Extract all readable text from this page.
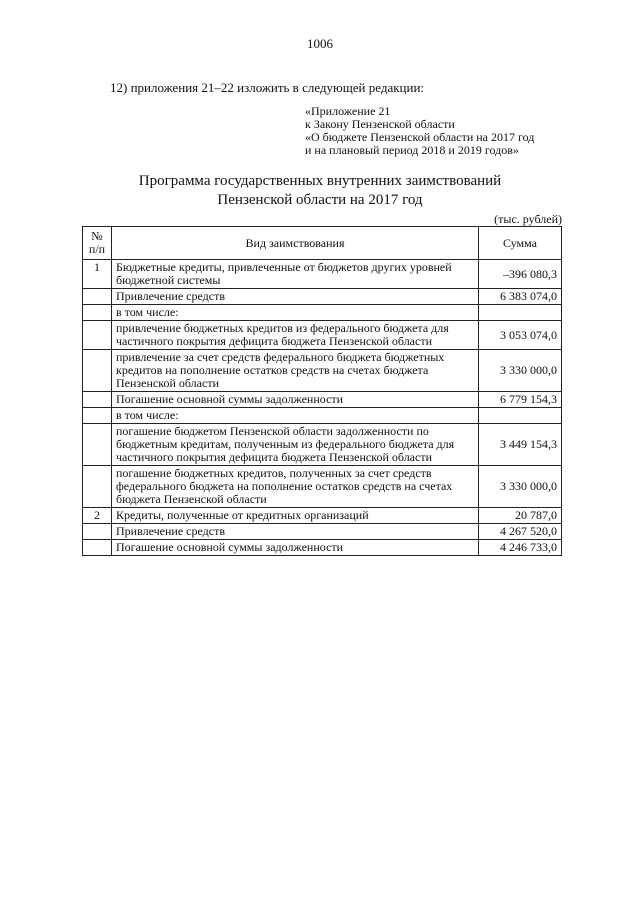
1006
12) приложения 21–22 изложить в следующей редакции:
«Приложение 21
к Закону Пензенской области
«О бюджете Пензенской области на 2017 год
и на плановый период 2018 и 2019 годов»
Программа государственных внутренних заимствований
Пензенской области на 2017 год
(тыс. рублей)
№ п/п	Вид заимствования	Сумма
1	Бюджетные кредиты, привлеченные от бюджетов других уровней бюджетной системы	–396 080,3
	Привлечение средств	6 383 074,0
	в том числе:	
	привлечение бюджетных кредитов из федерального бюджета для частичного покрытия дефицита бюджета Пензенской области	3 053 074,0
	привлечение за счет средств федерального бюджета бюджетных кредитов на пополнение остатков средств на счетах бюджета Пензенской области	3 330 000,0
	Погашение основной суммы задолженности	6 779 154,3
	в том числе:	
	погашение бюджетом Пензенской области задолженности по бюджетным кредитам, полученным из федерального бюджета для частичного покрытия дефицита бюджета Пензенской области	3 449 154,3
	погашение бюджетных кредитов, полученных за счет средств федерального бюджета на пополнение остатков средств на счетах бюджета Пензенской области	3 330 000,0
2	Кредиты, полученные от кредитных организаций	20 787,0
	Привлечение средств	4 267 520,0
	Погашение основной суммы задолженности	4 246 733,0
